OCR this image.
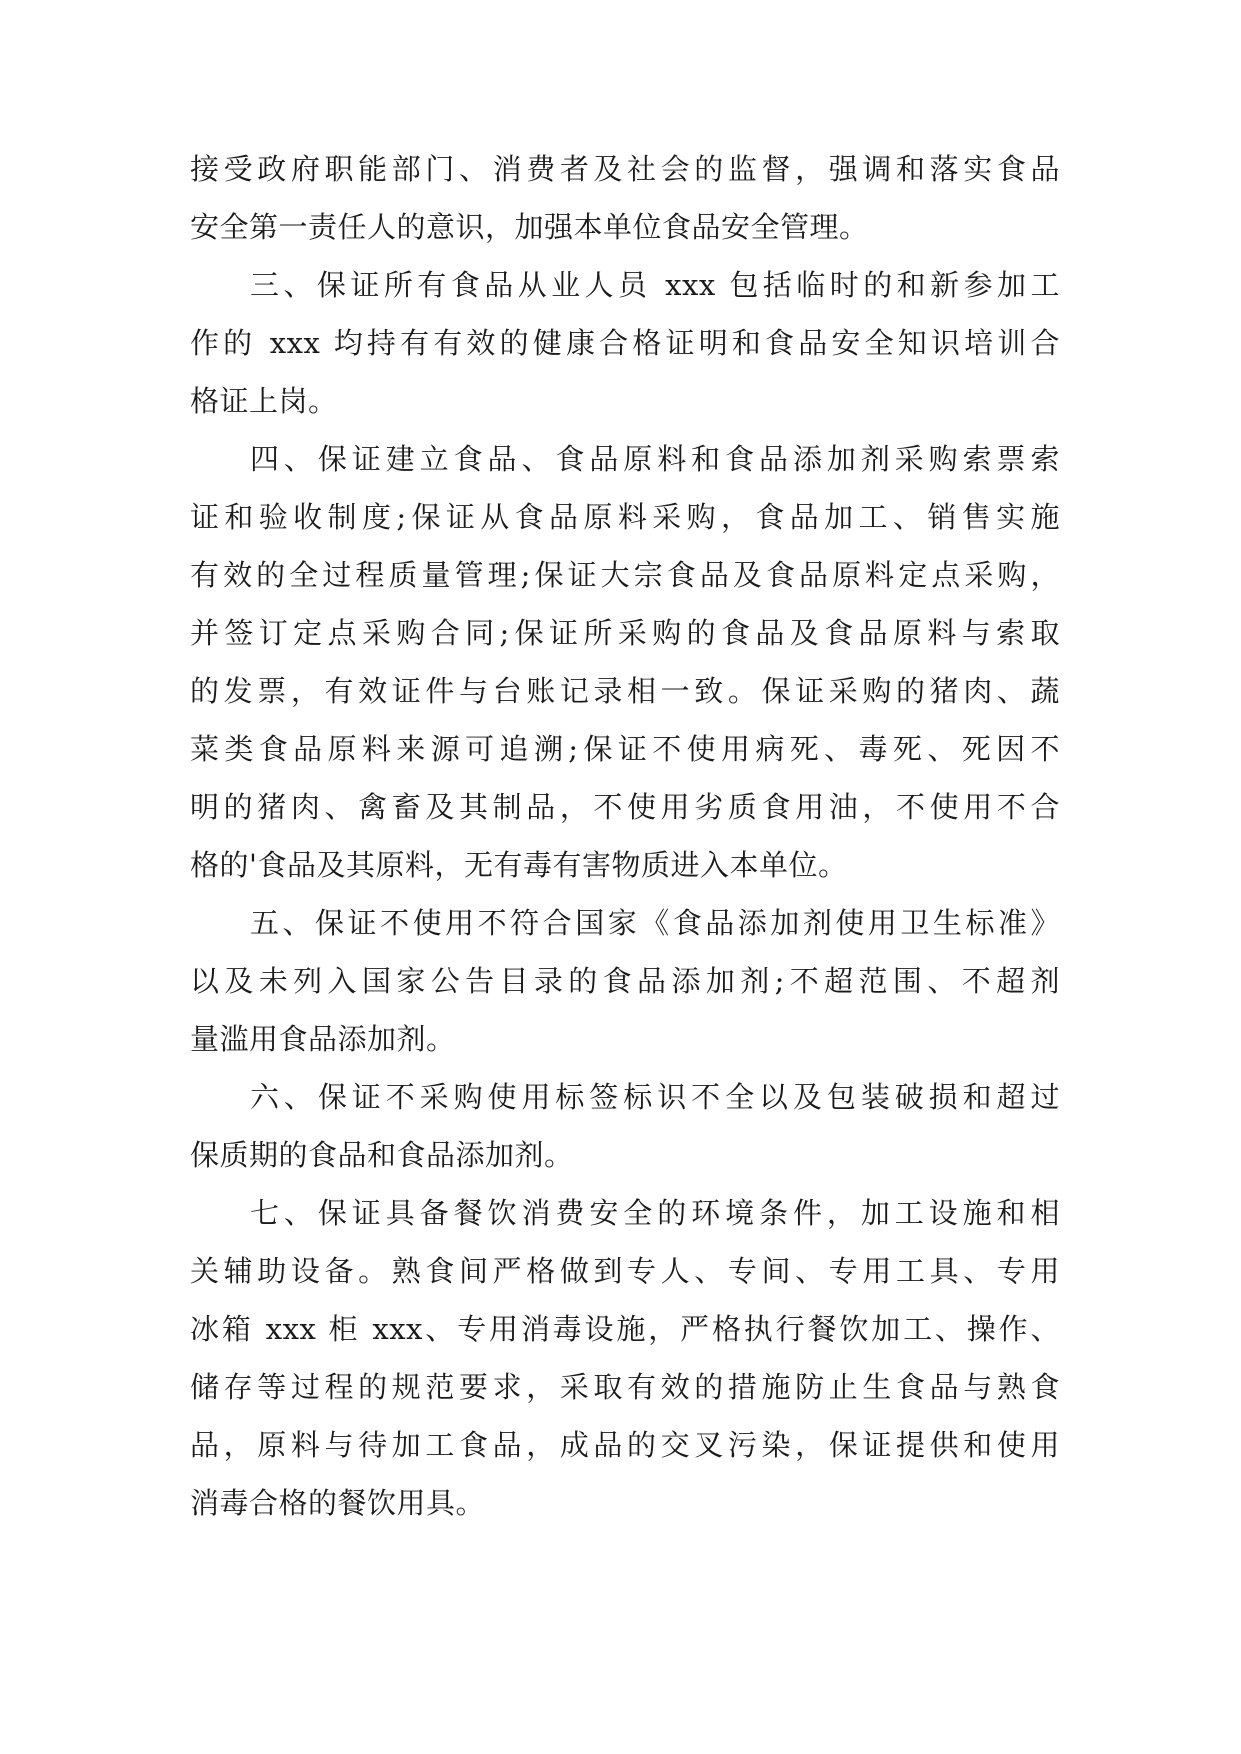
接受政府职能部门、消费者及社会的监督，强调和落实食品
安全第一责任人的意识，加强本单位食品安全管理。
三、保证所有食品从业人员 xxx 包括临时的和新参加工
作的 xxx 均持有有效的健康合格证明和食品安全知识培训合
格证上岗。
四、保证建立食品、食品原料和食品添加剂采购索票索
证和验收制度;保证从食品原料采购，食品加工、销售实施
有效的全过程质量管理;保证大宗食品及食品原料定点采购，
并签订定点采购合同;保证所采购的食品及食品原料与索取
的发票，有效证件与台账记录相一致。保证采购的猪肉、蔬
菜类食品原料来源可追溯;保证不使用病死、毒死、死因不
明的猪肉、禽畜及其制品，不使用劣质食用油，不使用不合
格的'食品及其原料，无有毒有害物质进入本单位。
五、保证不使用不符合国家《食品添加剂使用卫生标准》
以及未列入国家公告目录的食品添加剂;不超范围、不超剂
量滥用食品添加剂。
六、保证不采购使用标签标识不全以及包装破损和超过
保质期的食品和食品添加剂。
七、保证具备餐饮消费安全的环境条件，加工设施和相
关辅助设备。熟食间严格做到专人、专间、专用工具、专用
冰箱 xxx 柜 xxx、专用消毒设施，严格执行餐饮加工、操作、
储存等过程的规范要求，采取有效的措施防止生食品与熟食
品，原料与待加工食品，成品的交叉污染，保证提供和使用
消毒合格的餐饮用具。
